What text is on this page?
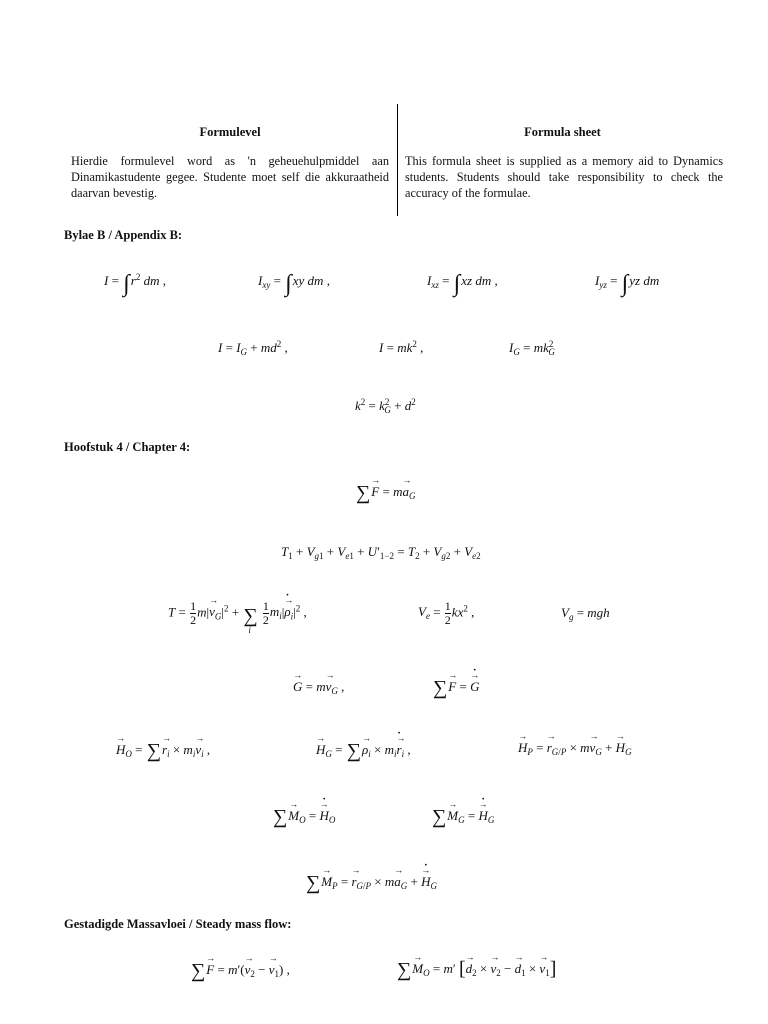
Formulevel
Hierdie formulevel word as 'n geheuehulpmiddel aan Dinamikastudente gegee. Studente moet self die akkuraatheid daarvan bevestig.
Formula sheet
This formula sheet is supplied as a memory aid to Dynamics students. Students should take responsibility to check the accuracy of the formulae.
Bylae B / Appendix B:
$I = \int r^2$ dm ,	$I_{xy} = \int xy$ dm ,	$I_{xz} = \int xz$ dm ,	$I_{yz} = \int yz$ dm
$I = I_G + md^2$ ,	$I = mk^2$ ,	$I_G = mk^2_G$
$k^2 = k^2_G + d^2$
Hoofstuk 4 / Chapter 4:
∑→ $F = m\to a_G$
$T_1 + V_{g1} + V_{e1} + U'_{1-2} = T_2 + V_{g2} + V_{e2}$
$T = \frac{1}{2} m|\to v_G|^2$ + ∑
i

$\frac{1}{2} m_i|\to \rho \cdot_i|^2$ ,	$V_e = \frac{1}{2} kx^2$ ,	$V_g$ = mgh
→ $G = m\to v_G$ ,	∑→ F = → G ·
→ $H_O$ = ∑→ $r_i \times m_i\to v_i$ ,	→ $H_G$ = ∑→ $\rho_i \times m_i\to r \cdot_i$ ,	→ $H_P$ = → $r_{G/P} \times m\to v_G$ + → $H_G$
∑→ $M_O$ = → $H \cdot_O$	∑→ $M_G$ = → $H \cdot_G$
∑→ $M_P$ = → $r_{G/P} \times m\to a_G$ + → $H \cdot_G$
Gestadigde Massavloei / Steady mass flow:
∑→ $F = m'(\to v_2$ − → $v_1$) ,	∑→ $M_O = m'$ [→ $d_2$ × → $v_2$ − → $d_1$ × → $v_1$]
